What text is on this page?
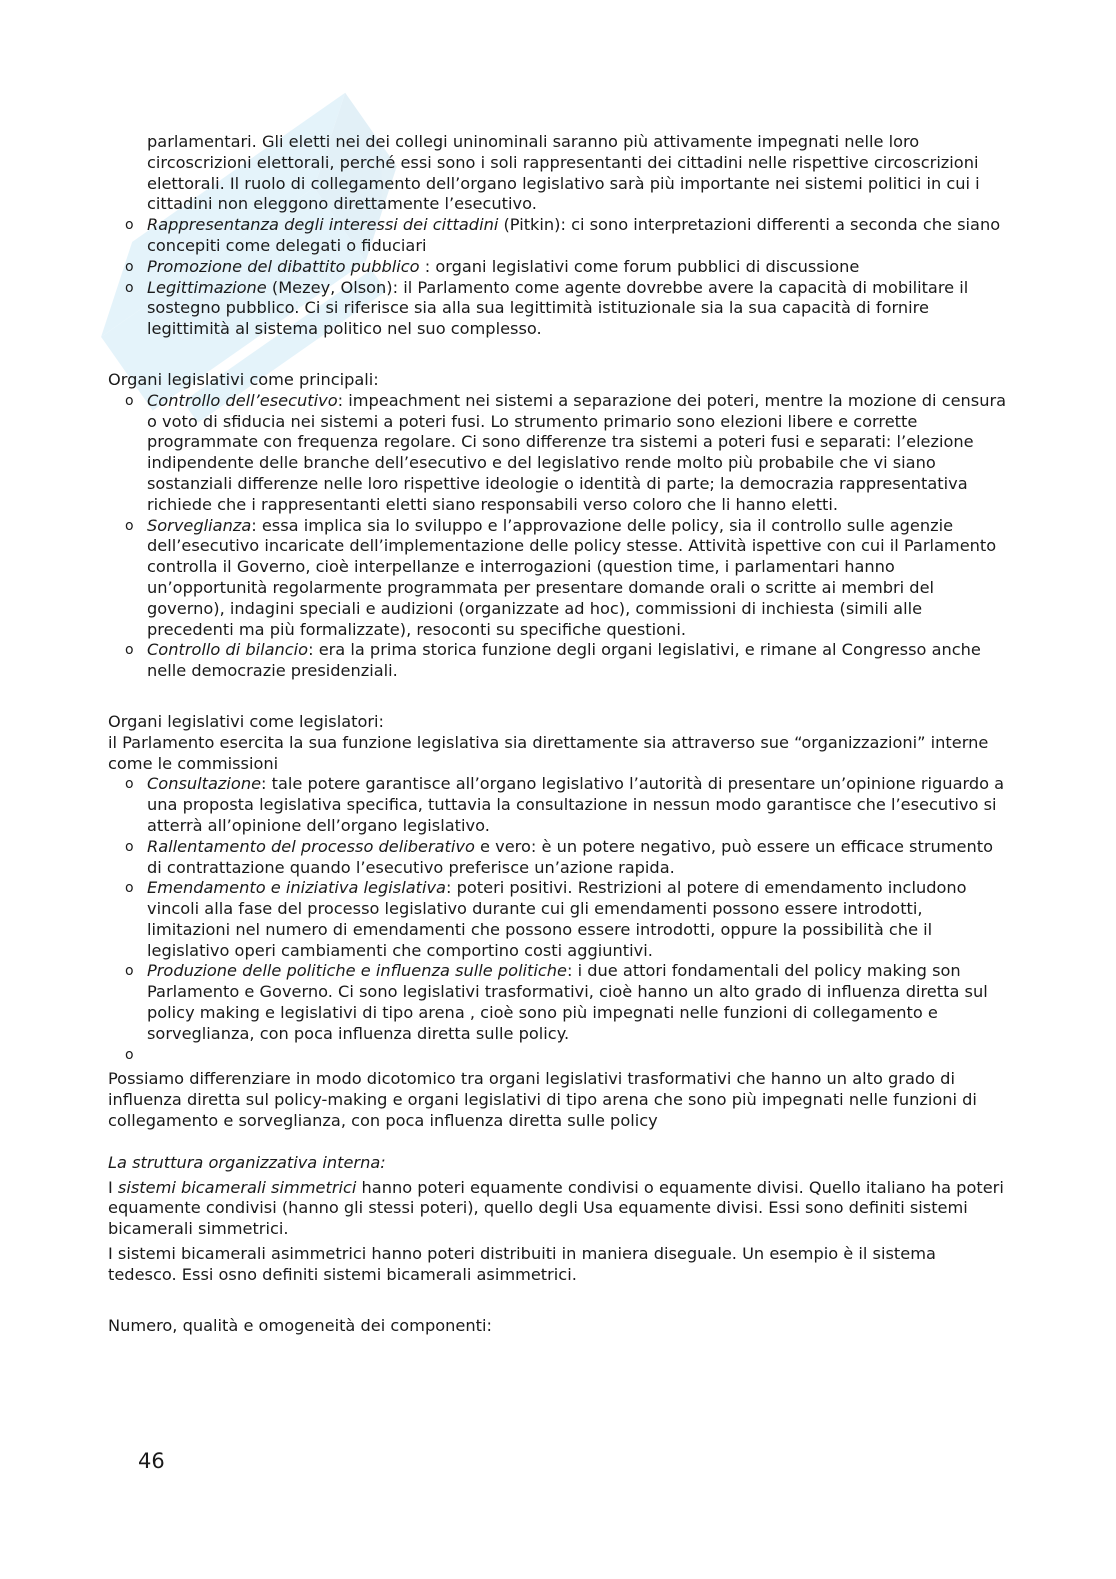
parlamentari. Gli eletti nei dei collegi uninominali saranno più attivamente impegnati nelle loro circoscrizioni elettorali, perché essi sono i soli rappresentanti dei cittadini nelle rispettive circoscrizioni elettorali. Il ruolo di collegamento dell’organo legislativo sarà più importante nei sistemi politici in cui i cittadini non eleggono direttamente l’esecutivo.
o Rappresentanza degli interessi dei cittadini (Pitkin): ci sono interpretazioni differenti a seconda che siano concepiti come delegati o fiduciari
o Promozione del dibattito pubblico : organi legislativi come forum pubblici di discussione
o Legittimazione (Mezey, Olson): il Parlamento come agente dovrebbe avere la capacità di mobilitare il sostegno pubblico. Ci si riferisce sia alla sua legittimità istituzionale sia la sua capacità di fornire legittimità al sistema politico nel suo complesso.

Organi legislativi come principali:

o Controllo dell’esecutivo: impeachment nei sistemi a separazione dei poteri, mentre la mozione di censura o voto di sfiducia nei sistemi a poteri fusi. Lo strumento primario sono elezioni libere e corrette programmate con frequenza regolare. Ci sono differenze tra sistemi a poteri fusi e separati: l’elezione indipendente delle branche dell’esecutivo e del legislativo rende molto più probabile che vi siano sostanziali differenze nelle loro rispettive ideologie o identità di parte; la democrazia rappresentativa richiede che i rappresentanti eletti siano responsabili verso coloro che li hanno eletti.
o Sorveglianza: essa implica sia lo sviluppo e l’approvazione delle policy, sia il controllo sulle agenzie dell’esecutivo incaricate dell’implementazione delle policy stesse. Attività ispettive con cui il Parlamento controlla il Governo, cioè interpellanze e interrogazioni (question time, i parlamentari hanno un’opportunità regolarmente programmata per presentare domande orali o scritte ai membri del governo), indagini speciali e audizioni (organizzate ad hoc), commissioni di inchiesta (simili alle precedenti ma più formalizzate), resoconti su specifiche questioni.
o Controllo di bilancio: era la prima storica funzione degli organi legislativi, e rimane al Congresso anche nelle democrazie presidenziali.

Organi legislativi come legislatori:

il Parlamento esercita la sua funzione legislativa sia direttamente sia attraverso sue “organizzazioni” interne come le commissioni

o Consultazione: tale potere garantisce all’organo legislativo l’autorità di presentare un’opinione riguardo a una proposta legislativa specifica, tuttavia la consultazione in nessun modo garantisce che l’esecutivo si atterrà all’opinione dell’organo legislativo.
o Rallentamento del processo deliberativo e vero: è un potere negativo, può essere un efficace strumento di contrattazione quando l’esecutivo preferisce un’azione rapida.
o Emendamento e iniziativa legislativa: poteri positivi. Restrizioni al potere di emendamento includono vincoli alla fase del processo legislativo durante cui gli emendamenti possono essere introdotti, limitazioni nel numero di emendamenti che possono essere introdotti, oppure la possibilità che il legislativo operi cambiamenti che comportino costi aggiuntivi.
o Produzione delle politiche e influenza sulle politiche: i due attori fondamentali del policy making son Parlamento e Governo. Ci sono legislativi trasformativi, cioè hanno un alto grado di influenza diretta sul policy making e legislativi di tipo arena , cioè sono più impegnati nelle funzioni di collegamento e sorveglianza, con poca influenza diretta sulle policy.
o

Possiamo differenziare in modo dicotomico tra organi legislativi trasformativi che hanno un alto grado di influenza diretta sul policy-making e organi legislativi di tipo arena che sono più impegnati nelle funzioni di collegamento e sorveglianza, con poca influenza diretta sulle policy

La struttura organizzativa interna:

I sistemi bicamerali simmetrici hanno poteri equamente condivisi o equamente divisi. Quello italiano ha poteri equamente condivisi (hanno gli stessi poteri), quello degli Usa equamente divisi. Essi sono definiti sistemi bicamerali simmetrici.

I sistemi bicamerali asimmetrici hanno poteri distribuiti in maniera diseguale. Un esempio è il sistema tedesco. Essi osno definiti sistemi bicamerali asimmetrici.

Numero, qualità e omogeneità dei componenti:

46
